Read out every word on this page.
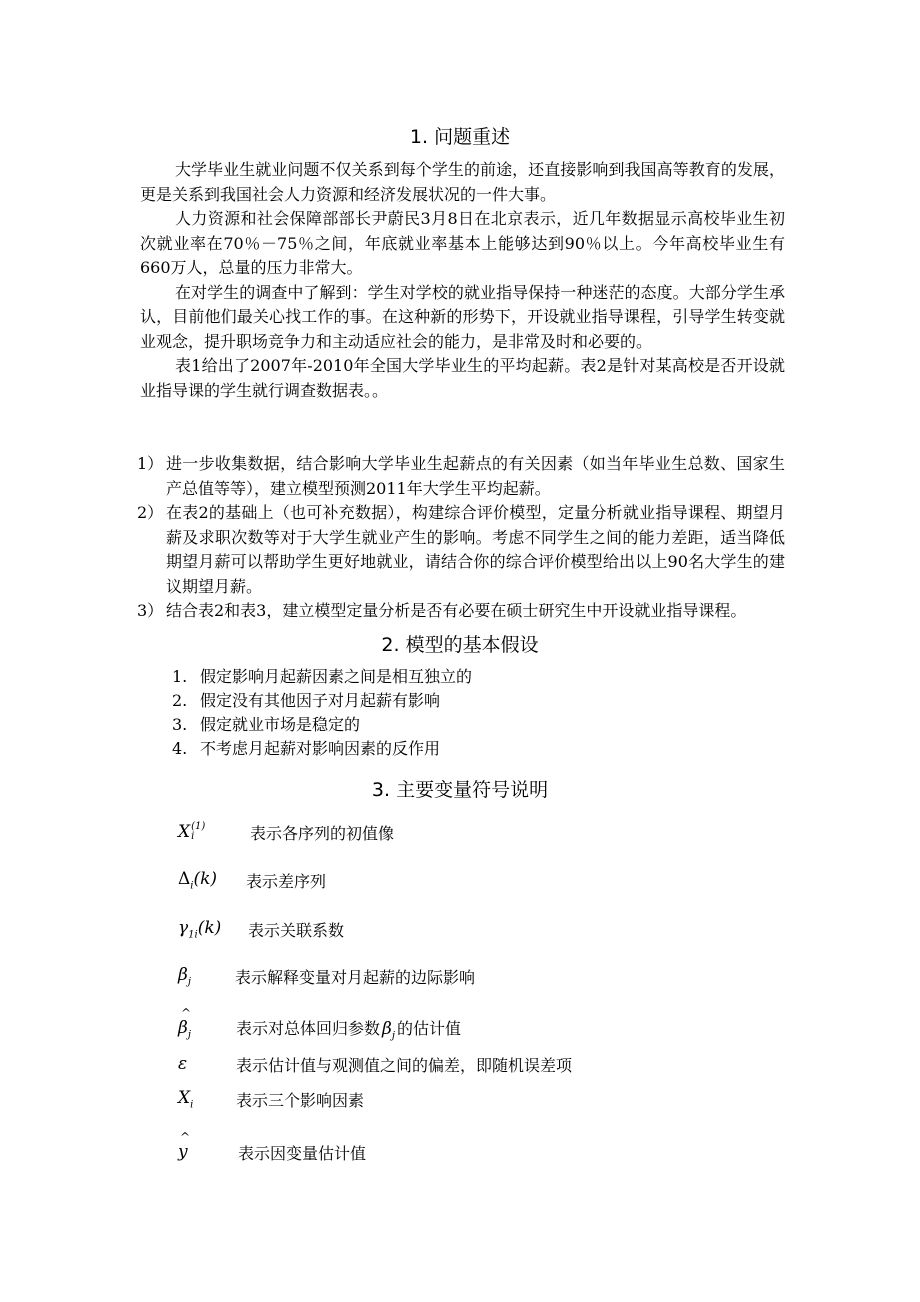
1. 问题重述

大学毕业生就业问题不仅关系到每个学生的前途，还直接影响到我国高等教育的发展，更是关系到我国社会人力资源和经济发展状况的一件大事。

人力资源和社会保障部部长尹蔚民3月8日在北京表示，近几年数据显示高校毕业生初次就业率在70％－75％之间，年底就业率基本上能够达到90％以上。今年高校毕业生有660万人，总量的压力非常大。

在对学生的调查中了解到：学生对学校的就业指导保持一种迷茫的态度。大部分学生承认，目前他们最关心找工作的事。在这种新的形势下，开设就业指导课程，引导学生转变就业观念，提升职场竞争力和主动适应社会的能力，是非常及时和必要的。

表1给出了2007年-2010年全国大学毕业生的平均起薪。表2是针对某高校是否开设就业指导课的学生就行调查数据表。。

1） 进一步收集数据，结合影响大学毕业生起薪点的有关因素（如当年毕业生总数、国家生产总值等等），建立模型预测2011年大学生平均起薪。
2） 在表2的基础上（也可补充数据），构建综合评价模型，定量分析就业指导课程、期望月薪及求职次数等对于大学生就业产生的影响。考虑不同学生之间的能力差距，适当降低期望月薪可以帮助学生更好地就业，请结合你的综合评价模型给出以上90名大学生的建议期望月薪。
3） 结合表2和表3，建立模型定量分析是否有必要在硕士研究生中开设就业指导课程。
2. 模型的基本假设
1. 假定影响月起薪因素之间是相互独立的
2. 假定没有其他因子对月起薪有影响
3. 假定就业市场是稳定的
4. 不考虑月起薪对影响因素的反作用
3. 主要变量符号说明
X (1)
i	表示各序列的初值像
$\Delta_i(k)$ 表示差序列
$\gamma_{1i}(k)$ 表示关联系数
$\beta_j$	表示解释变量对月起薪的边际影响
^
$\beta_j$	表示对总体回归参数 $\beta_j$ 的估计值
ε	表示估计值与观测值之间的偏差，即随机误差项
$X_i$	表示三个影响因素
^
y	表示因变量估计值
